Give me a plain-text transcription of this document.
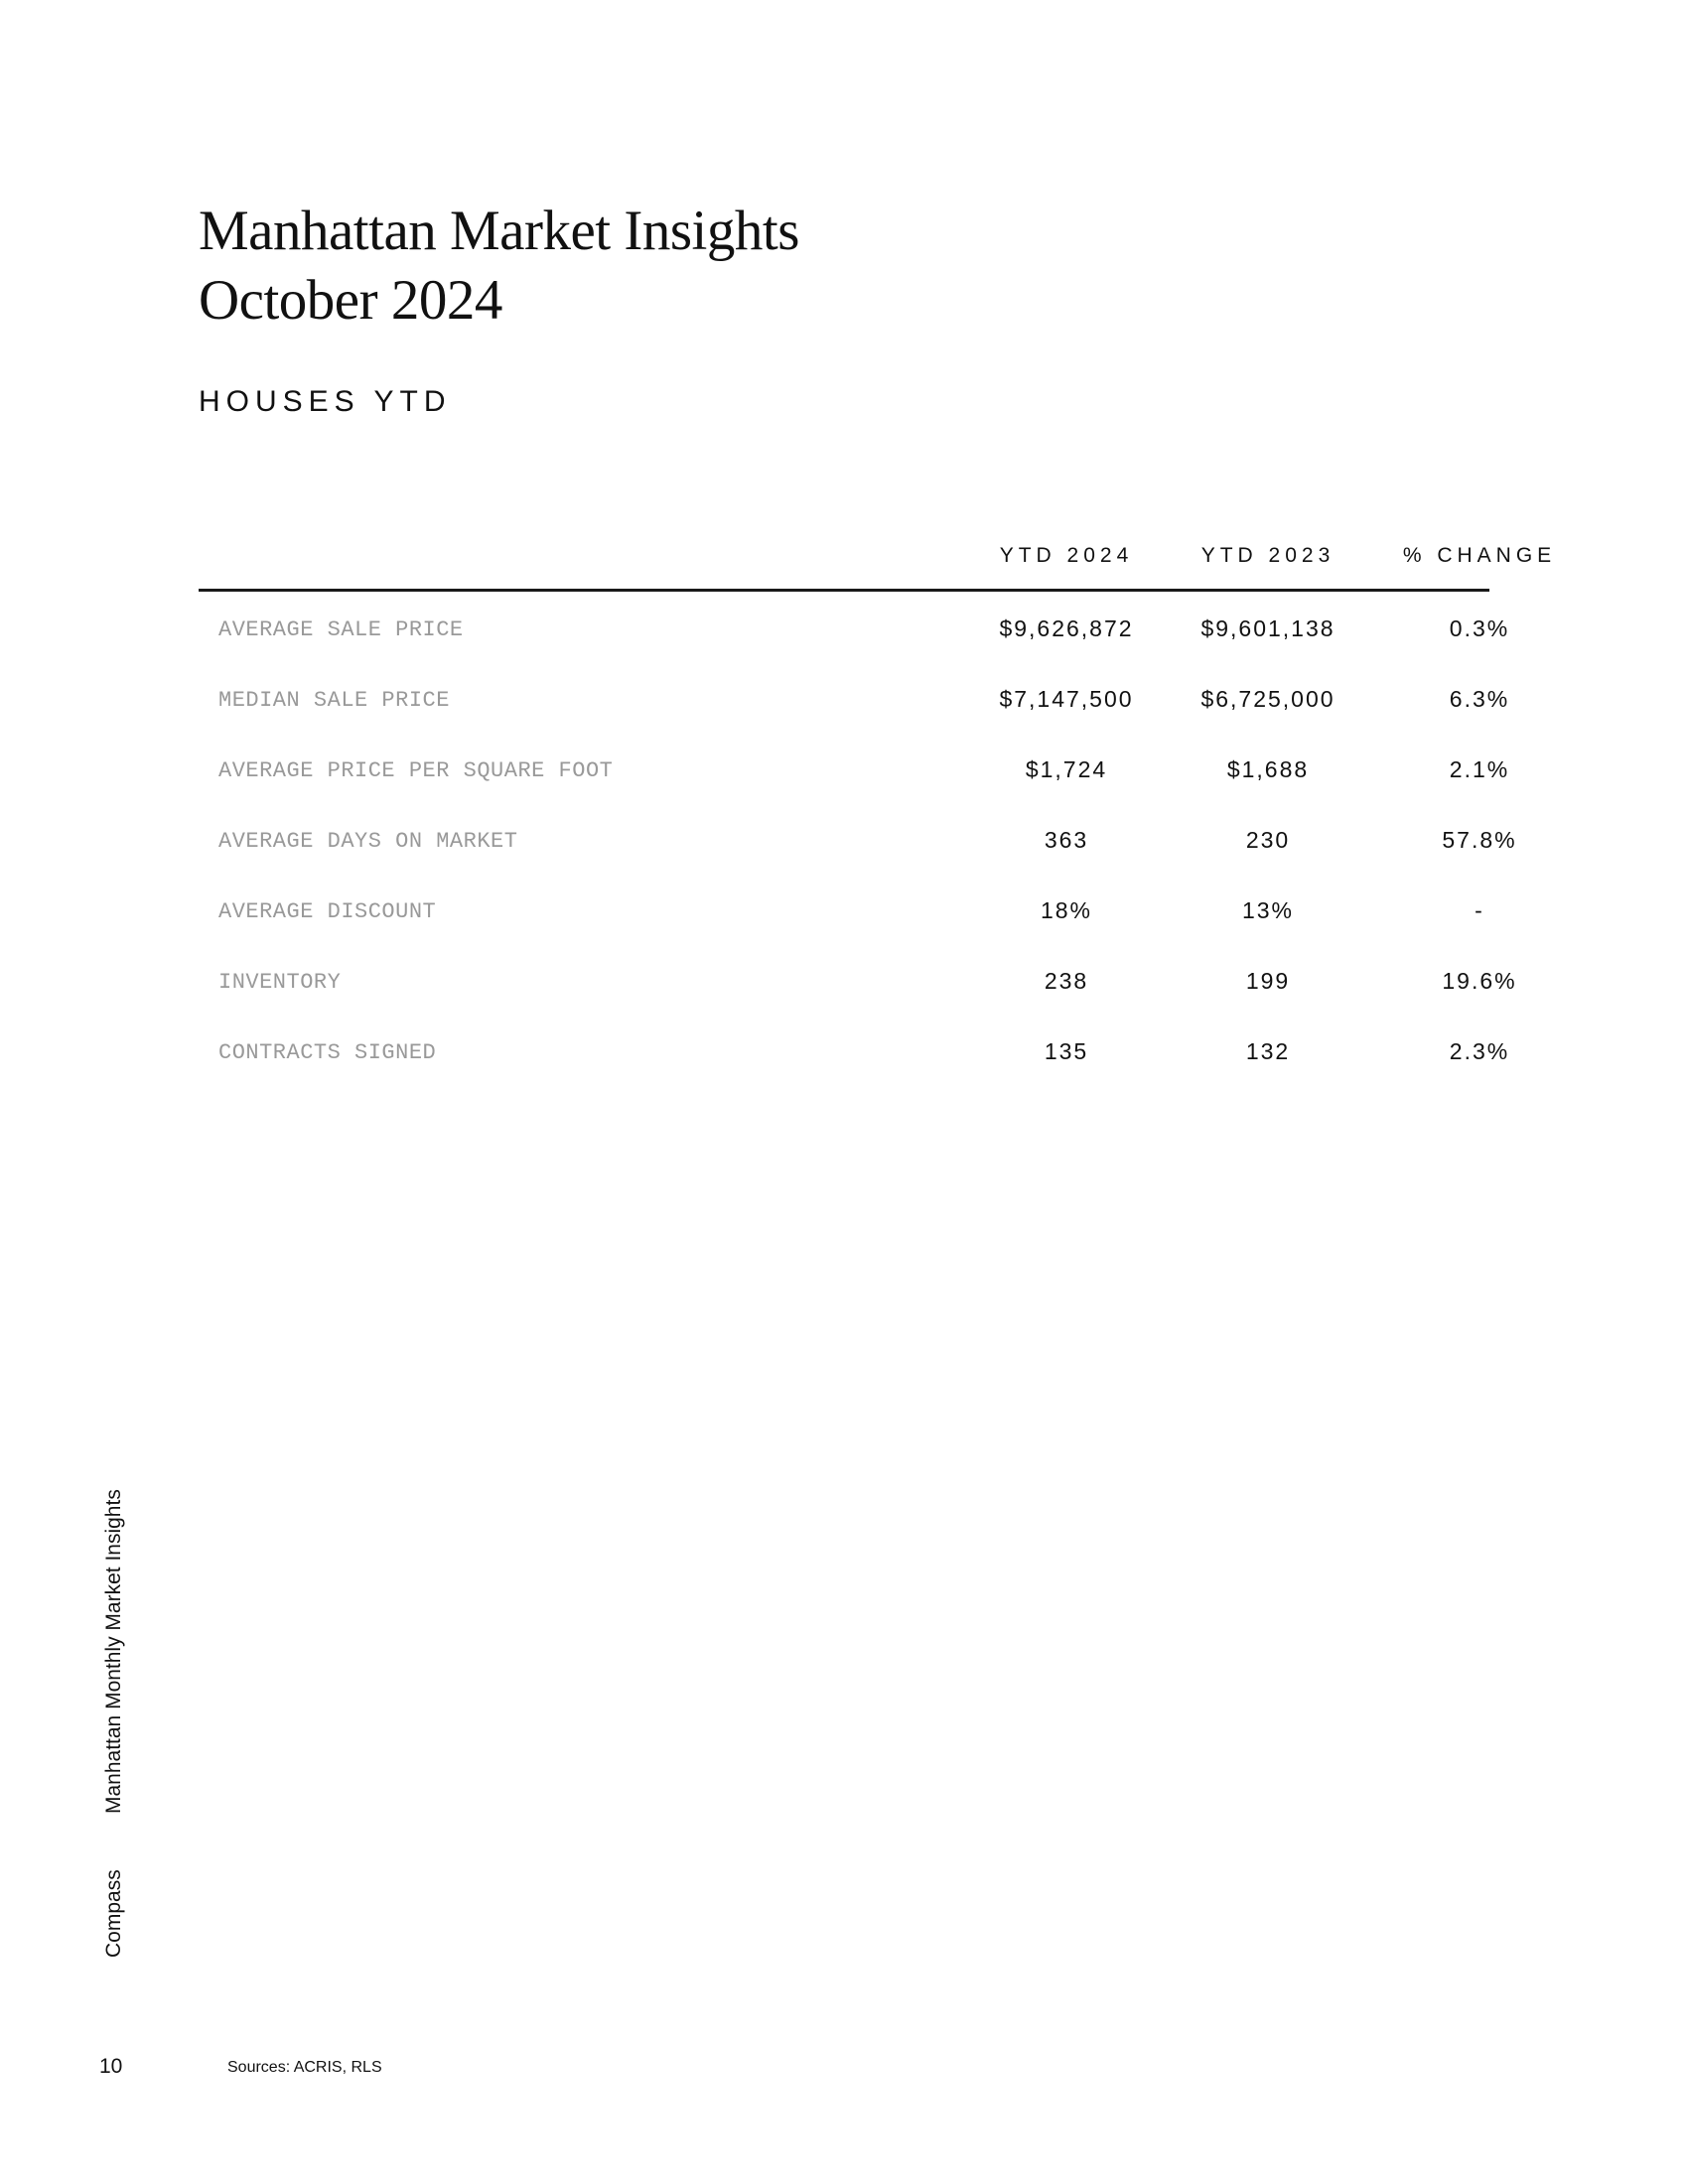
Manhattan Market Insights
October 2024
HOUSES YTD
YTD 2024	YTD 2023	% CHANGE
AVERAGE SALE PRICE	$9,626,872	$9,601,138	0.3%
MEDIAN SALE PRICE	$7,147,500	$6,725,000	6.3%
AVERAGE PRICE PER SQUARE FOOT	$1,724	$1,688	2.1%
AVERAGE DAYS ON MARKET	363	230	57.8%
AVERAGE DISCOUNT	18%	13%	-
INVENTORY	238	199	19.6%
CONTRACTS SIGNED	135	132	2.3%
Compass
Manhattan Monthly Market Insights
10	Sources: ACRIS, RLS
